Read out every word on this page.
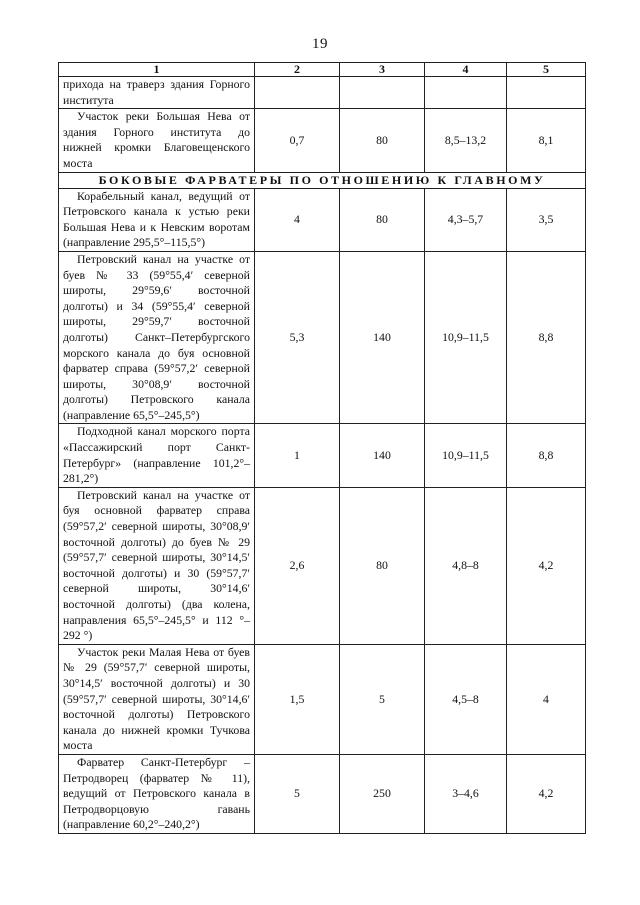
19
1	2	3	4	5
прихода на траверз здания Горного института				
Участок реки Большая Нева от здания Горного института до нижней кромки Благовещенского моста	0,7	80	8,5–13,2	8,1
БОКОВЫЕ ФАРВАТЕРЫ ПО ОТНОШЕНИЮ К ГЛАВНОМУ				
Корабельный канал, ведущий от Петровского канала к устью реки Большая Нева и к Невским воротам (направление 295,5°–115,5°)	4	80	4,3–5,7	3,5
Петровский канал на участке от буев № 33 (59°55,4′ северной широты, 29°59,6′ восточной долготы) и 34 (59°55,4′ северной широты, 29°59,7′ восточной долготы) Санкт–Петербургского морского канала до буя основной фарватер справа (59°57,2′ северной широты, 30°08,9′ восточной долготы) Петровского канала (направление 65,5°–245,5°)	5,3	140	10,9–11,5	8,8
Подходной канал морского порта «Пассажирский порт Санкт-Петербург» (направление 101,2°–281,2°)	1	140	10,9–11,5	8,8
Петровский канал на участке от буя основной фарватер справа (59°57,2′ северной широты, 30°08,9′ восточной долготы) до буев № 29 (59°57,7′ северной широты, 30°14,5′ восточной долготы) и 30 (59°57,7′ северной широты, 30°14,6′ восточной долготы) (два колена, направления 65,5°–245,5° и 112 °–292 °)	2,6	80	4,8–8	4,2
Участок реки Малая Нева от буев № 29 (59°57,7′ северной широты, 30°14,5′ восточной долготы) и 30 (59°57,7′ северной широты, 30°14,6′ восточной долготы) Петровского канала до нижней кромки Тучкова моста	1,5	5	4,5–8	4
Фарватер Санкт-Петербург – Петродворец (фарватер № 11), ведущий от Петровского канала в Петродворцовую гавань (направление 60,2°–240,2°)	5	250	3–4,6	4,2
